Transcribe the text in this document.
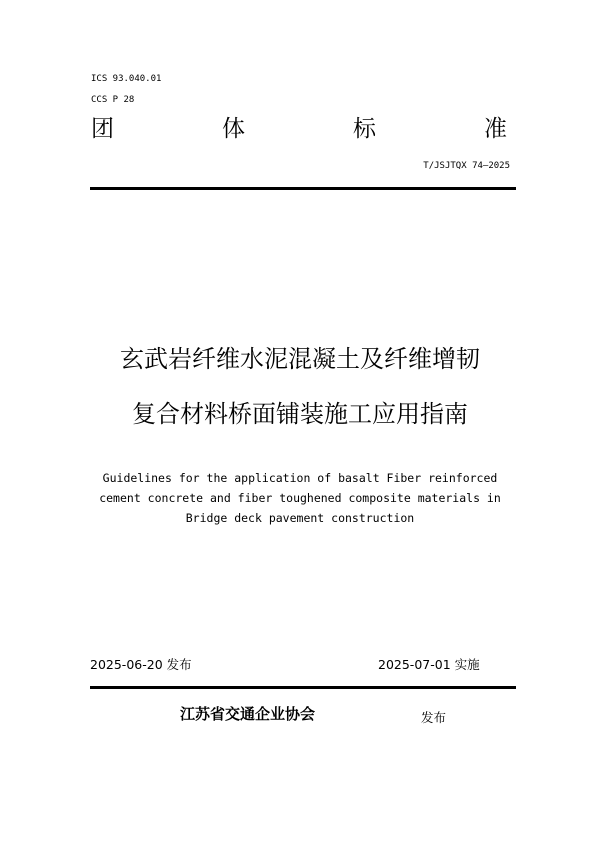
ICS 93.040.01
CCS P 28
团	体	标	准
T/JSJTQX 74—2025
玄武岩纤维水泥混凝土及纤维增韧
复合材料桥面铺装施工应用指南
Guidelines for the application of basalt Fiber reinforced
cement concrete and fiber toughened composite materials in
Bridge deck pavement construction
2025-06-20 发布	2025-07-01 实施
江苏省交通企业协会	发布
